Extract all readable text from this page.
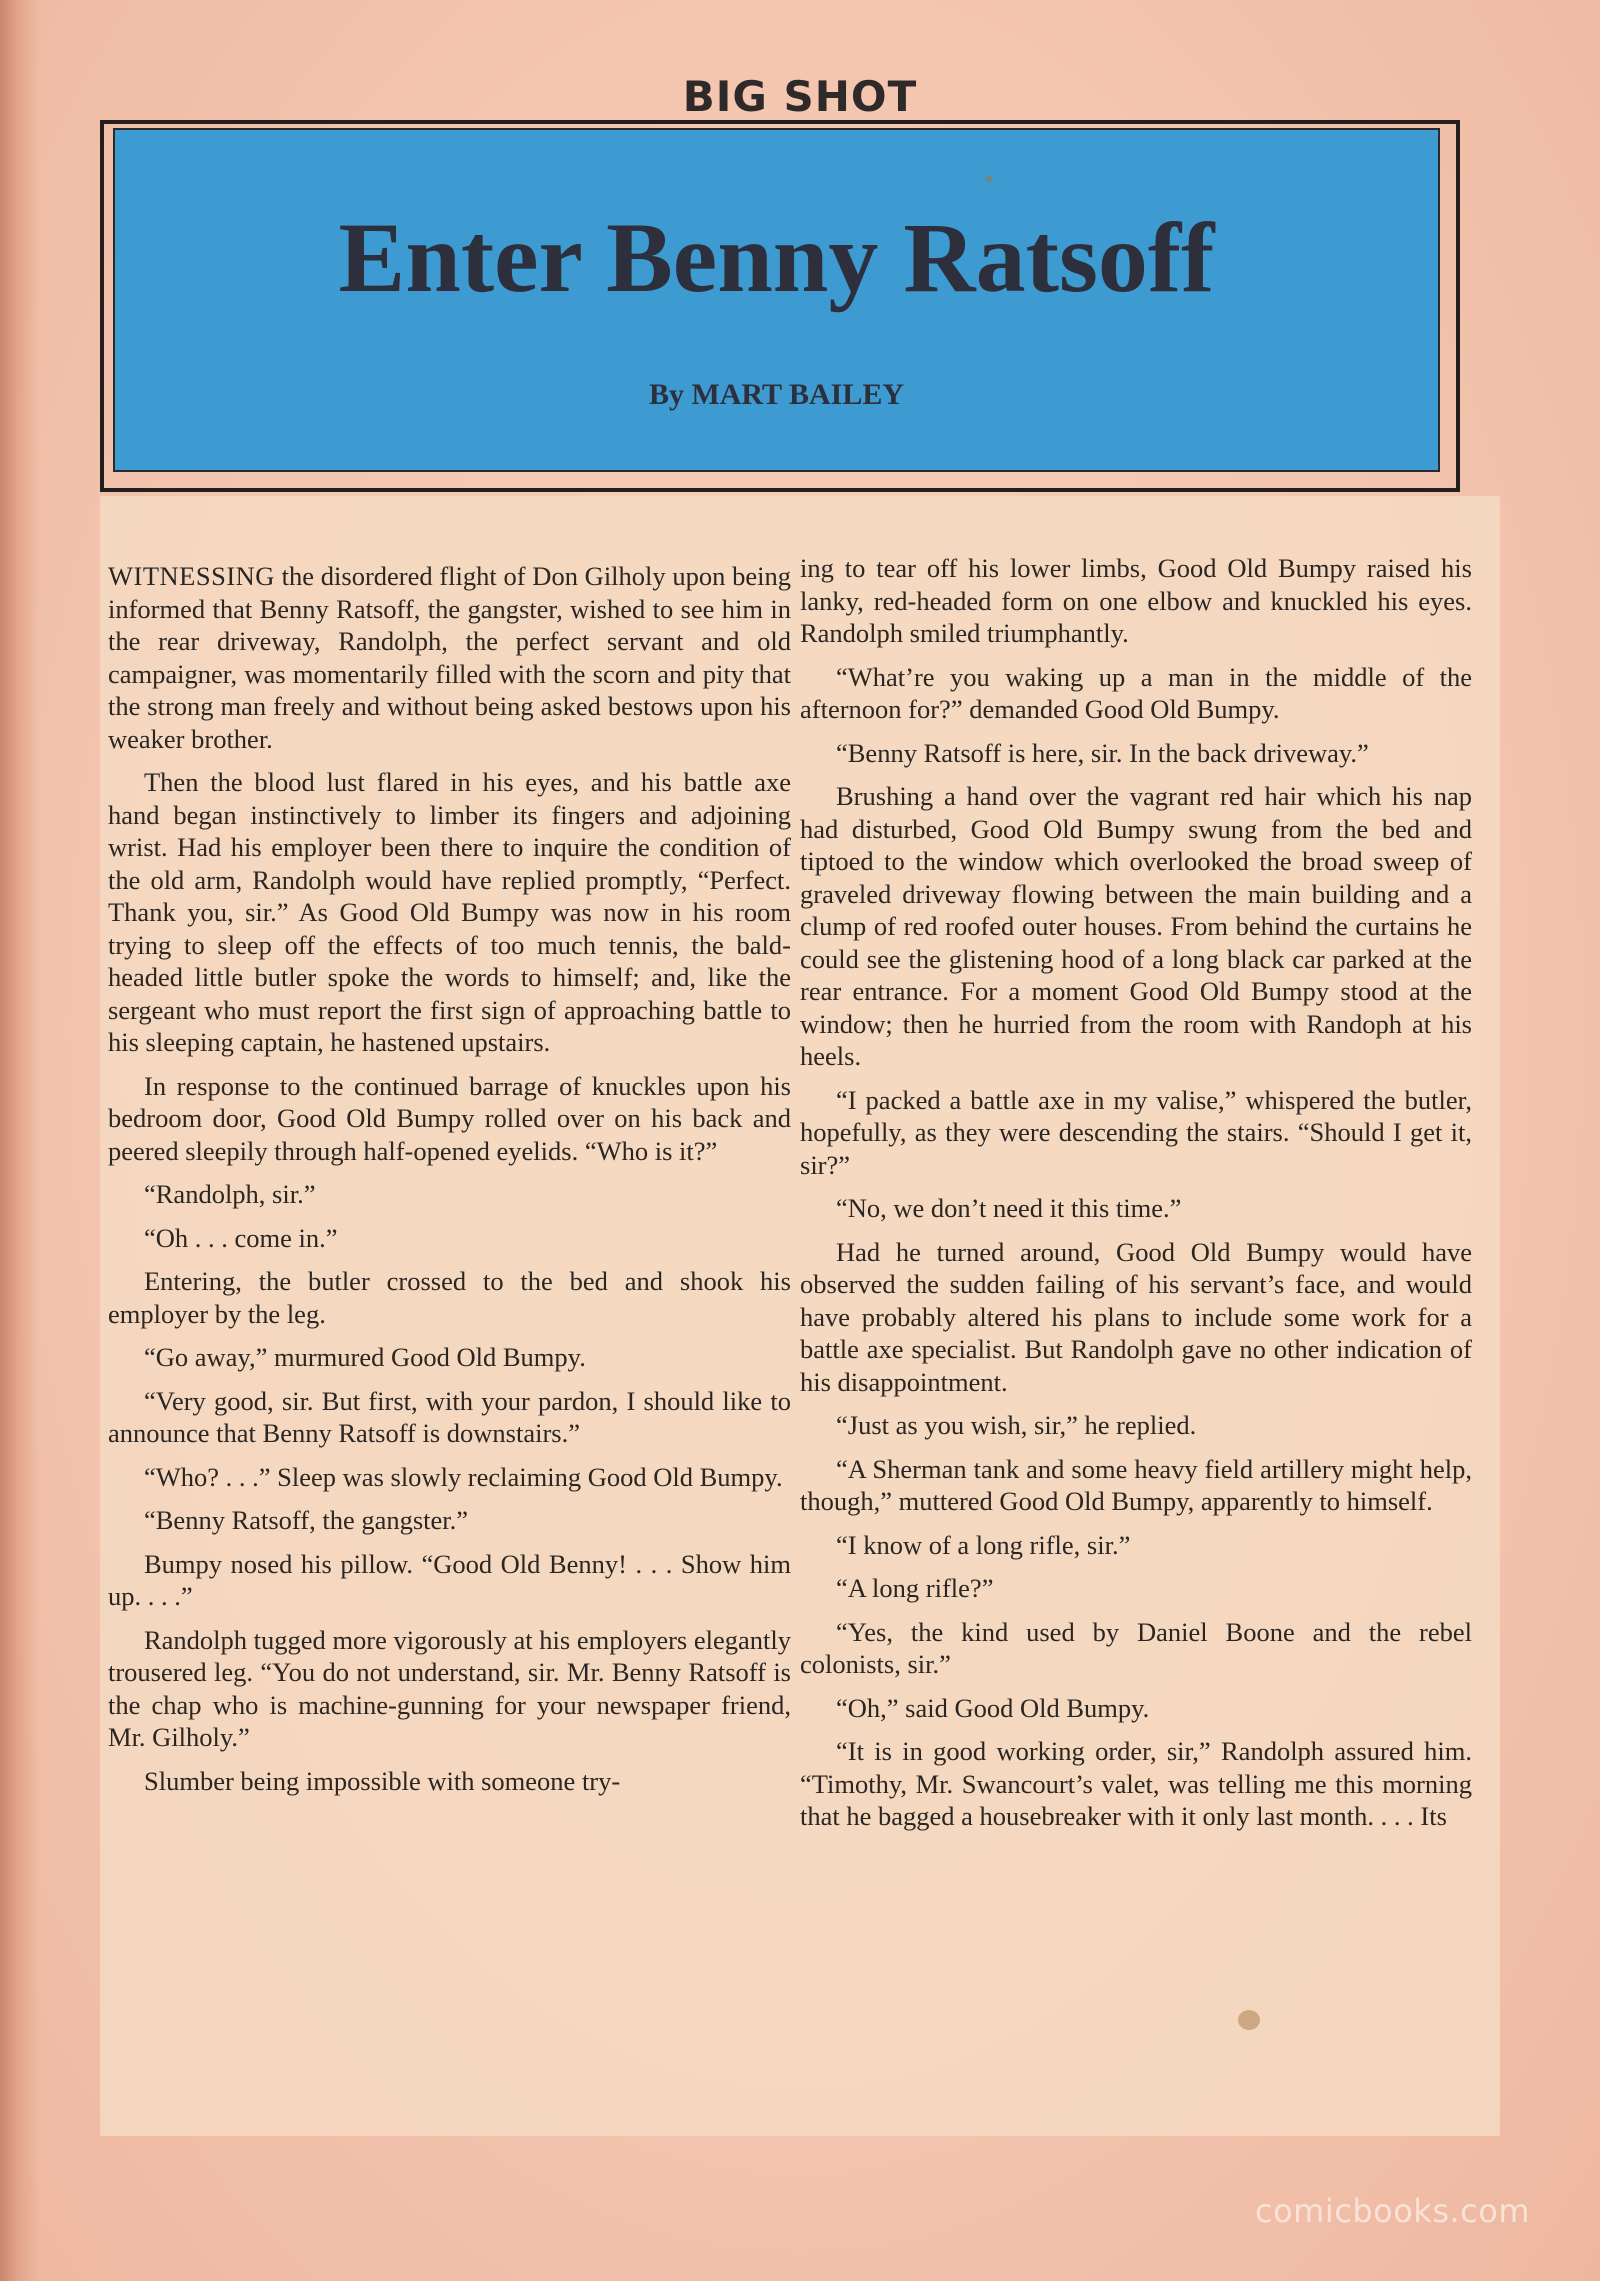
BIG SHOT
Enter Benny Ratsoff
By MART BAILEY

WITNESSING the disordered flight of Don Gilholy upon being informed that Benny Ratsoff, the gangster, wished to see him in the rear driveway, Randolph, the perfect servant and old campaigner, was momentarily filled with the scorn and pity that the strong man freely and without being asked bestows upon his weaker brother.

Then the blood lust flared in his eyes, and his battle axe hand began instinctively to limber its fingers and adjoining wrist. Had his employer been there to inquire the condition of the old arm, Randolph would have replied promptly, “Perfect. Thank you, sir.” As Good Old Bumpy was now in his room trying to sleep off the effects of too much tennis, the bald-headed little butler spoke the words to himself; and, like the sergeant who must report the first sign of approaching battle to his sleeping captain, he hastened upstairs.

In response to the continued barrage of knuckles upon his bedroom door, Good Old Bumpy rolled over on his back and peered sleepily through half-opened eyelids. “Who is it?”

“Randolph, sir.”

“Oh . . . come in.”

Entering, the butler crossed to the bed and shook his employer by the leg.

“Go away,” murmured Good Old Bumpy.

“Very good, sir. But first, with your pardon, I should like to announce that Benny Ratsoff is downstairs.”

“Who? . . .” Sleep was slowly reclaiming Good Old Bumpy.

“Benny Ratsoff, the gangster.”

Bumpy nosed his pillow. “Good Old Benny! . . . Show him up. . . .”

Randolph tugged more vigorously at his employers elegantly trousered leg. “You do not understand, sir. Mr. Benny Ratsoff is the chap who is machine-gunning for your newspaper friend, Mr. Gilholy.”

Slumber being impossible with someone try-

ing to tear off his lower limbs, Good Old Bumpy raised his lanky, red-headed form on one elbow and knuckled his eyes. Randolph smiled triumphantly.

“What’re you waking up a man in the middle of the afternoon for?” demanded Good Old Bumpy.

“Benny Ratsoff is here, sir. In the back driveway.”

Brushing a hand over the vagrant red hair which his nap had disturbed, Good Old Bumpy swung from the bed and tiptoed to the window which overlooked the broad sweep of graveled driveway flowing between the main building and a clump of red roofed outer houses. From behind the curtains he could see the glistening hood of a long black car parked at the rear entrance. For a moment Good Old Bumpy stood at the window; then he hurried from the room with Randoph at his heels.

“I packed a battle axe in my valise,” whispered the butler, hopefully, as they were descending the stairs. “Should I get it, sir?”

“No, we don’t need it this time.”

Had he turned around, Good Old Bumpy would have observed the sudden failing of his servant’s face, and would have probably altered his plans to include some work for a battle axe specialist. But Randolph gave no other indication of his disappointment.

“Just as you wish, sir,” he replied.

“A Sherman tank and some heavy field artillery might help, though,” muttered Good Old Bumpy, apparently to himself.

“I know of a long rifle, sir.”

“A long rifle?”

“Yes, the kind used by Daniel Boone and the rebel colonists, sir.”

“Oh,” said Good Old Bumpy.

“It is in good working order, sir,” Randolph assured him. “Timothy, Mr. Swancourt’s valet, was telling me this morning that he bagged a housebreaker with it only last month. . . . Its

comicbooks.com
